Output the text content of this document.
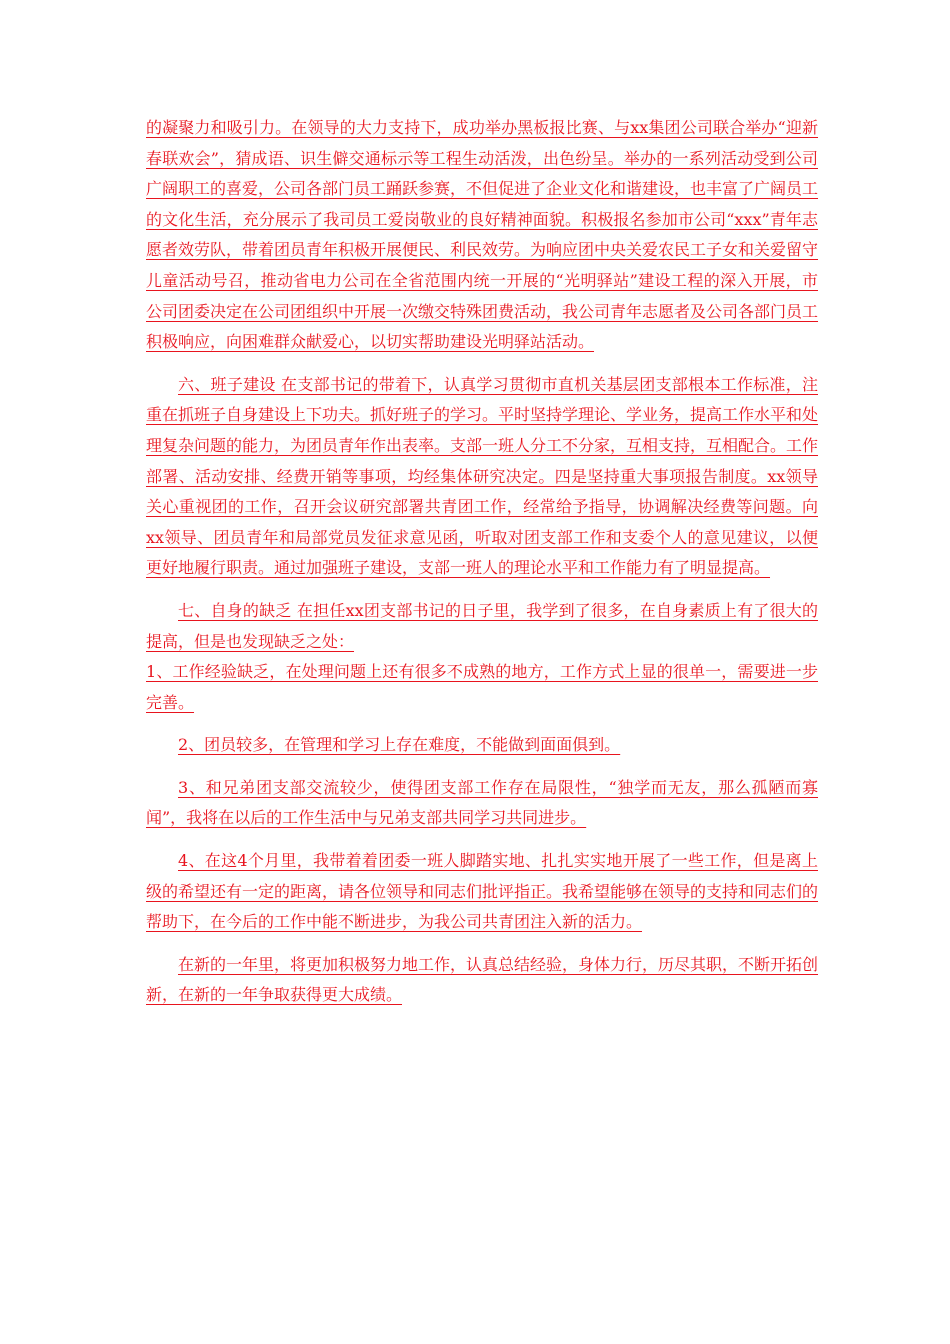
的凝聚力和吸引力。在领导的大力支持下，成功举办黑板报比赛、与xx集团公司联合举办“迎新春联欢会”，猜成语、识生僻交通标示等工程生动活泼，出色纷呈。举办的一系列活动受到公司广阔职工的喜爱，公司各部门员工踊跃参赛，不但促进了企业文化和谐建设，也丰富了广阔员工的文化生活，充分展示了我司员工爱岗敬业的良好精神面貌。积极报名参加市公司“xxx”青年志愿者效劳队，带着团员青年积极开展便民、利民效劳。为响应团中央关爱农民工子女和关爱留守儿童活动号召，推动省电力公司在全省范围内统一开展的“光明驿站”建设工程的深入开展，市公司团委决定在公司团组织中开展一次缴交特殊团费活动，我公司青年志愿者及公司各部门员工积极响应，向困难群众献爱心，以切实帮助建设光明驿站活动。

六、班子建设 在支部书记的带着下，认真学习贯彻市直机关基层团支部根本工作标准，注重在抓班子自身建设上下功夫。抓好班子的学习。平时坚持学理论、学业务，提高工作水平和处理复杂问题的能力，为团员青年作出表率。支部一班人分工不分家，互相支持，互相配合。工作部署、活动安排、经费开销等事项，均经集体研究决定。四是坚持重大事项报告制度。xx领导关心重视团的工作，召开会议研究部署共青团工作，经常给予指导，协调解决经费等问题。向xx领导、团员青年和局部党员发征求意见函，听取对团支部工作和支委个人的意见建议，以便更好地履行职责。通过加强班子建设，支部一班人的理论水平和工作能力有了明显提高。

七、自身的缺乏 在担任xx团支部书记的日子里，我学到了很多，在自身素质上有了很大的提高，但是也发现缺乏之处：

1、工作经验缺乏，在处理问题上还有很多不成熟的地方，工作方式上显的很单一，需要进一步完善。

2、团员较多，在管理和学习上存在难度，不能做到面面俱到。

3、和兄弟团支部交流较少，使得团支部工作存在局限性，“独学而无友，那么孤陋而寡闻”，我将在以后的工作生活中与兄弟支部共同学习共同进步。

4、在这4个月里，我带着着团委一班人脚踏实地、扎扎实实地开展了一些工作，但是离上级的希望还有一定的距离，请各位领导和同志们批评指正。我希望能够在领导的支持和同志们的帮助下，在今后的工作中能不断进步，为我公司共青团注入新的活力。

在新的一年里，将更加积极努力地工作，认真总结经验，身体力行，历尽其职，不断开拓创新，在新的一年争取获得更大成绩。
